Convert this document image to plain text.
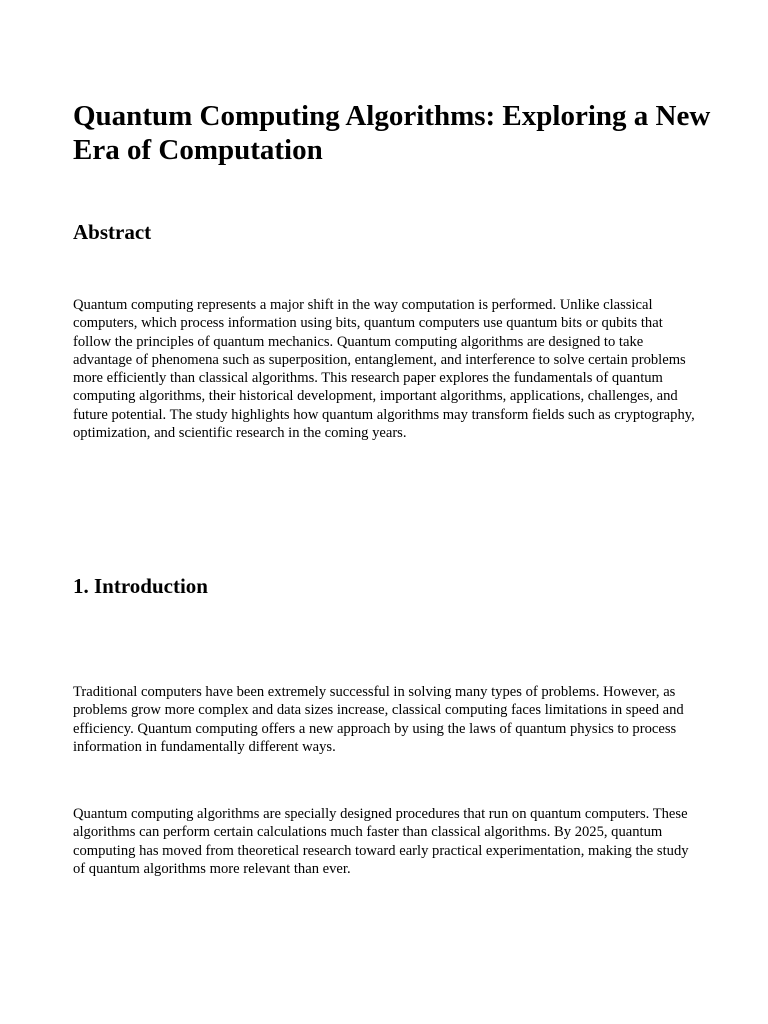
Quantum Computing Algorithms: Exploring a New Era of Computation
Abstract

Quantum computing represents a major shift in the way computation is performed. Unlike classical computers, which process information using bits, quantum computers use quantum bits or qubits that follow the principles of quantum mechanics. Quantum computing algorithms are designed to take advantage of phenomena such as superposition, entanglement, and interference to solve certain problems more efficiently than classical algorithms. This research paper explores the fundamentals of quantum computing algorithms, their historical development, important algorithms, applications, challenges, and future potential. The study highlights how quantum algorithms may transform fields such as cryptography, optimization, and scientific research in the coming years.

1. Introduction

Traditional computers have been extremely successful in solving many types of problems. However, as problems grow more complex and data sizes increase, classical computing faces limitations in speed and efficiency. Quantum computing offers a new approach by using the laws of quantum physics to process information in fundamentally different ways.

Quantum computing algorithms are specially designed procedures that run on quantum computers. These algorithms can perform certain calculations much faster than classical algorithms. By 2025, quantum computing has moved from theoretical research toward early practical experimentation, making the study of quantum algorithms more relevant than ever.
